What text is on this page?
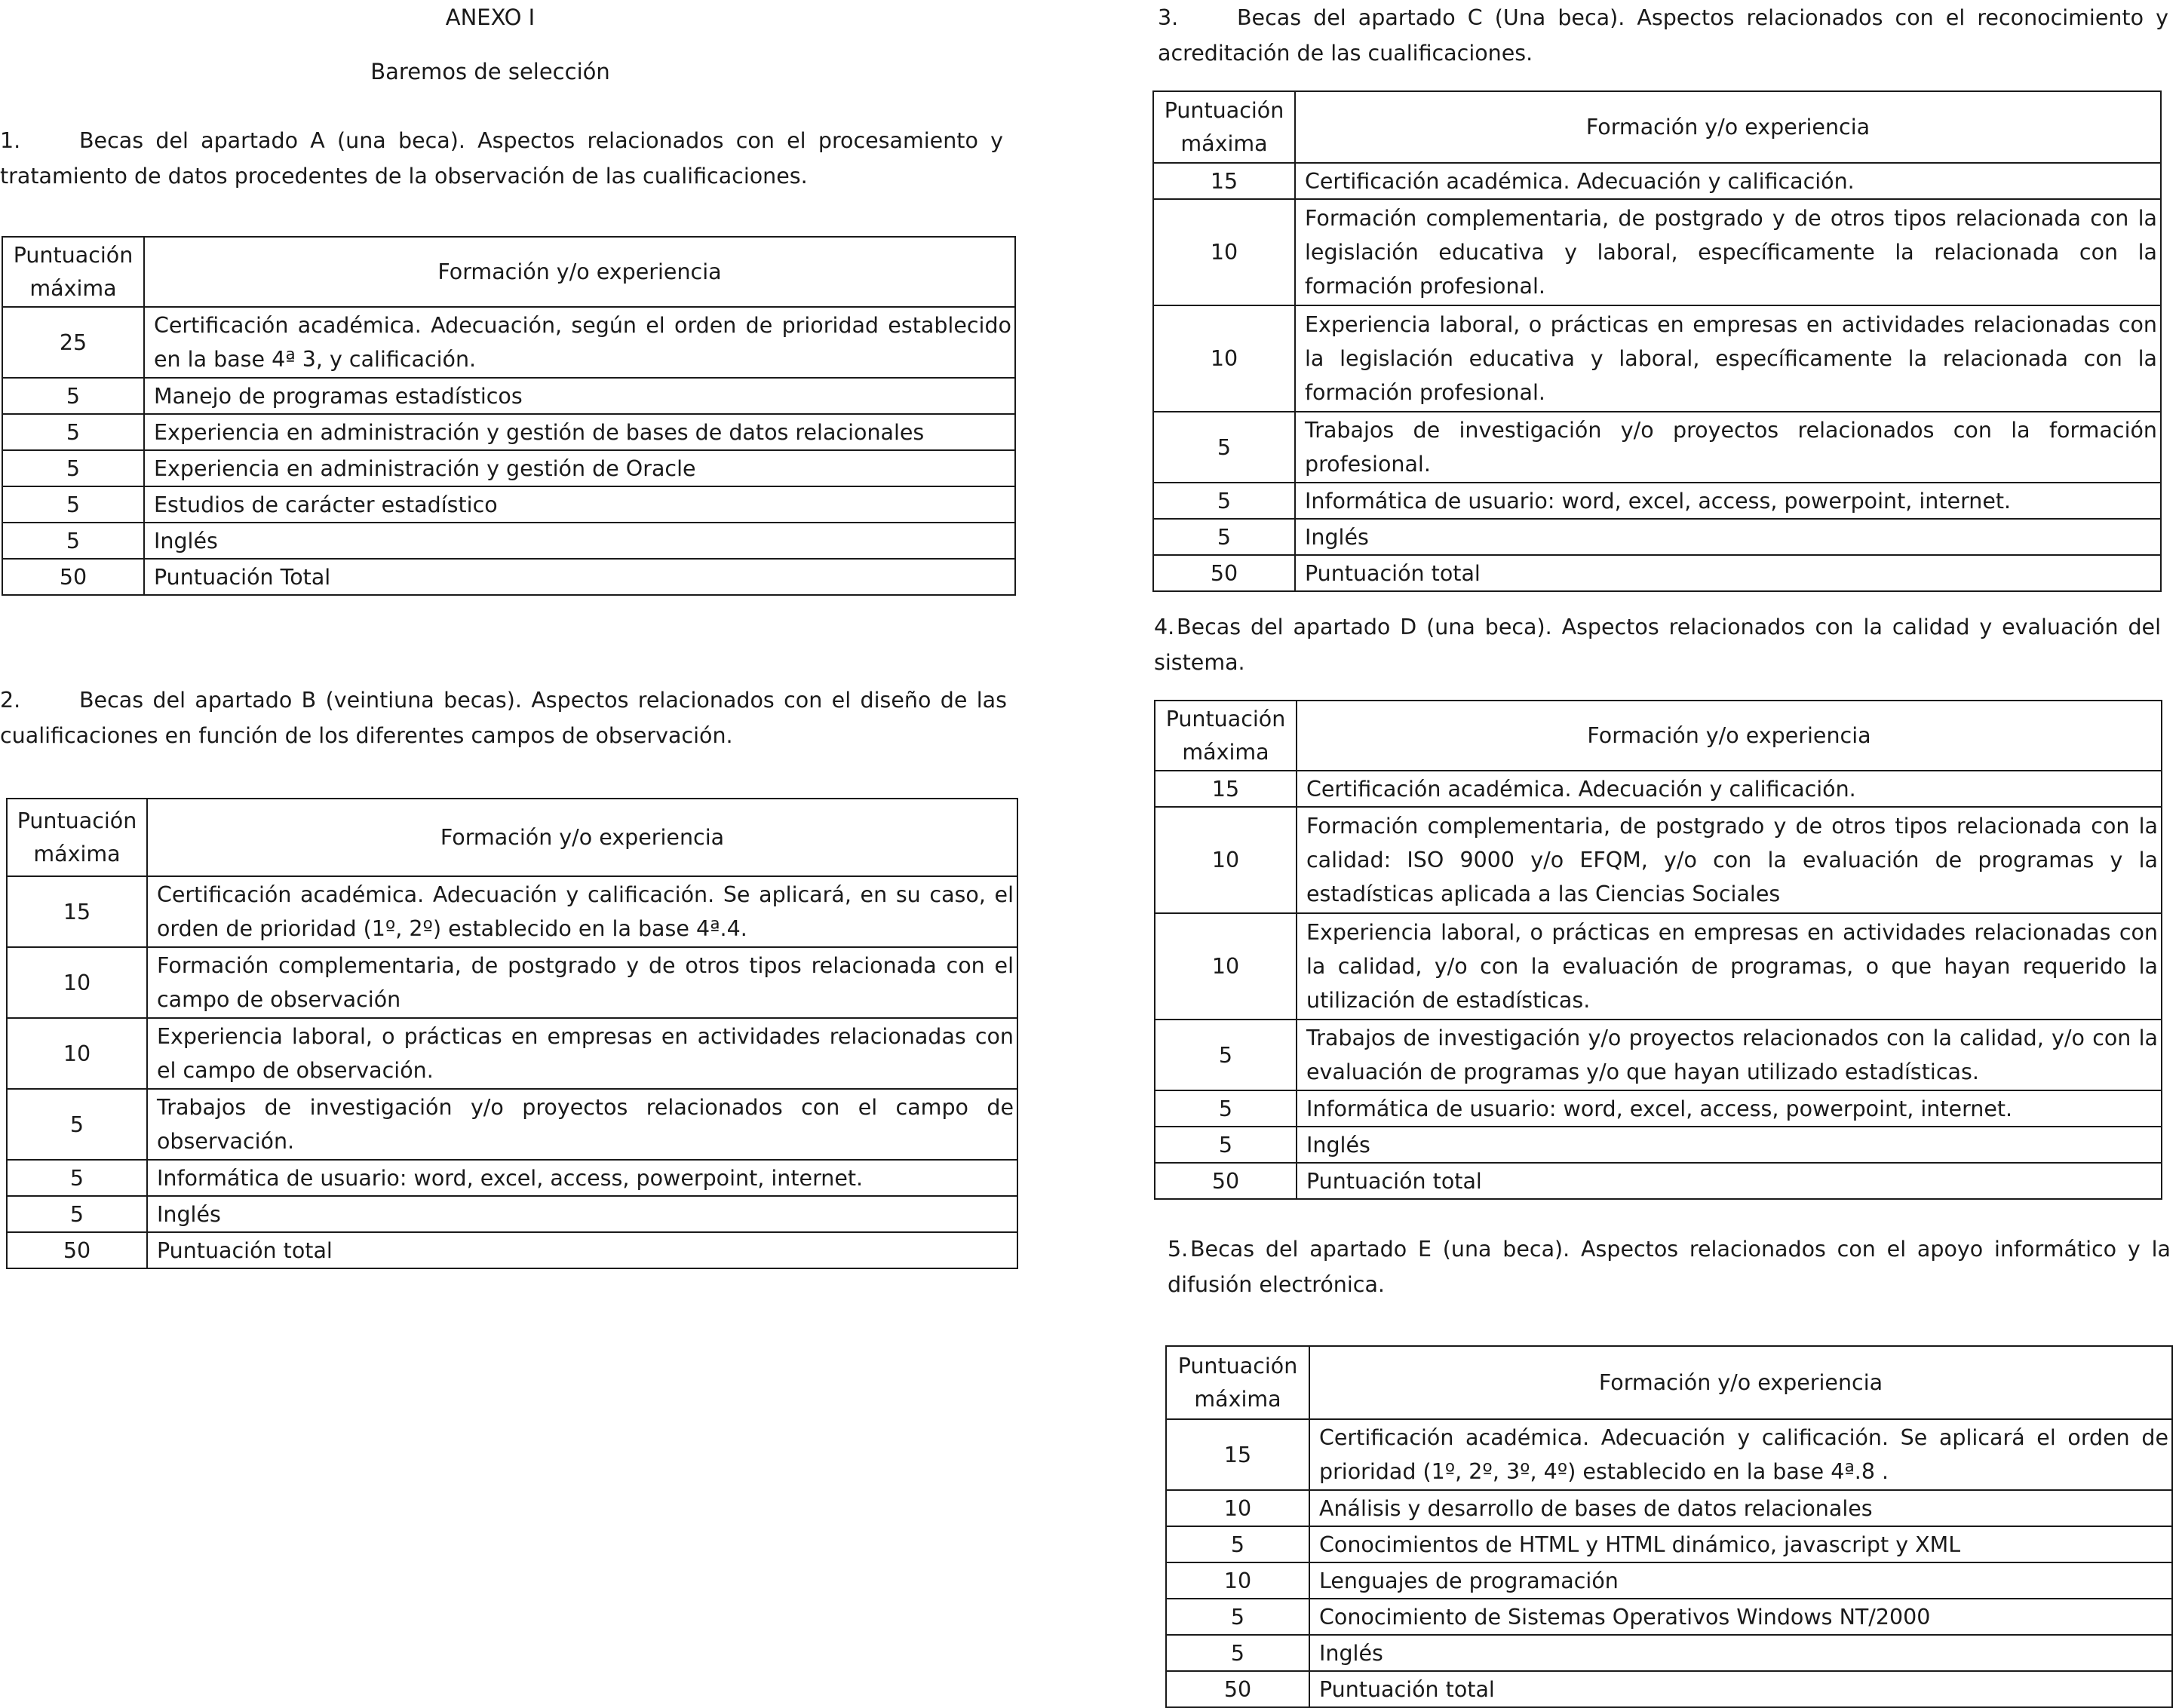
ANEXO I
Baremos de selección
1.	Becas del apartado A (una beca). Aspectos relacionados con el procesamiento y tratamiento de datos procedentes de la observación de las cualificaciones.
Puntuación máxima	Formación y/o experiencia
25	Certificación académica. Adecuación, según el orden de prioridad establecido en la base 4ª 3, y calificación.
5	Manejo de programas estadísticos
5	Experiencia en administración y gestión de bases de datos relacionales
5	Experiencia en administración y gestión de Oracle
5	Estudios de carácter estadístico
5	Inglés
50	Puntuación Total
2.	Becas del apartado B (veintiuna becas). Aspectos relacionados con el diseño de las cualificaciones en función de los diferentes campos de observación.
Puntuación máxima	Formación y/o experiencia
15	Certificación académica. Adecuación y calificación. Se aplicará, en su caso, el orden de prioridad (1º, 2º) establecido en la base 4ª.4.
10	Formación complementaria, de postgrado y de otros tipos relacionada con el campo de observación
10	Experiencia laboral, o prácticas en empresas en actividades relacionadas con el campo de observación.
5	Trabajos de investigación y/o proyectos relacionados con el campo de observación.
5	Informática de usuario: word, excel, access, powerpoint, internet.
5	Inglés
50	Puntuación total
3.	Becas del apartado C (Una beca). Aspectos relacionados con el reconocimiento y acreditación de las cualificaciones.
Puntuación máxima	Formación y/o experiencia
15	Certificación académica. Adecuación y calificación.
10	Formación complementaria, de postgrado y de otros tipos relacionada con la legislación educativa y laboral, específicamente la relacionada con la formación profesional.
10	Experiencia laboral, o prácticas en empresas en actividades relacionadas con la legislación educativa y laboral, específicamente la relacionada con la formación profesional.
5	Trabajos de investigación y/o proyectos relacionados con la formación profesional.
5	Informática de usuario: word, excel, access, powerpoint, internet.
5	Inglés
50	Puntuación total
4.Becas del apartado D (una beca). Aspectos relacionados con la calidad y evaluación del sistema.
Puntuación máxima	Formación y/o experiencia
15	Certificación académica. Adecuación y calificación.
10	Formación complementaria, de postgrado y de otros tipos relacionada con la calidad: ISO 9000 y/o EFQM, y/o con la evaluación de programas y la estadísticas aplicada a las Ciencias Sociales
10	Experiencia laboral, o prácticas en empresas en actividades relacionadas con la calidad, y/o con la evaluación de programas, o que hayan requerido la utilización de estadísticas.
5	Trabajos de investigación y/o proyectos relacionados con la calidad, y/o con la evaluación de programas y/o que hayan utilizado estadísticas.
5	Informática de usuario: word, excel, access, powerpoint, internet.
5	Inglés
50	Puntuación total
5.Becas del apartado E (una beca). Aspectos relacionados con el apoyo informático y la difusión electrónica.
Puntuación máxima	Formación y/o experiencia
15	Certificación académica. Adecuación y calificación. Se aplicará el orden de prioridad (1º, 2º, 3º, 4º) establecido en la base 4ª.8 .
10	Análisis y desarrollo de bases de datos relacionales
5	Conocimientos de HTML y HTML dinámico, javascript y XML
10	Lenguajes de programación
5	Conocimiento de Sistemas Operativos Windows NT/2000
5	Inglés
50	Puntuación total
